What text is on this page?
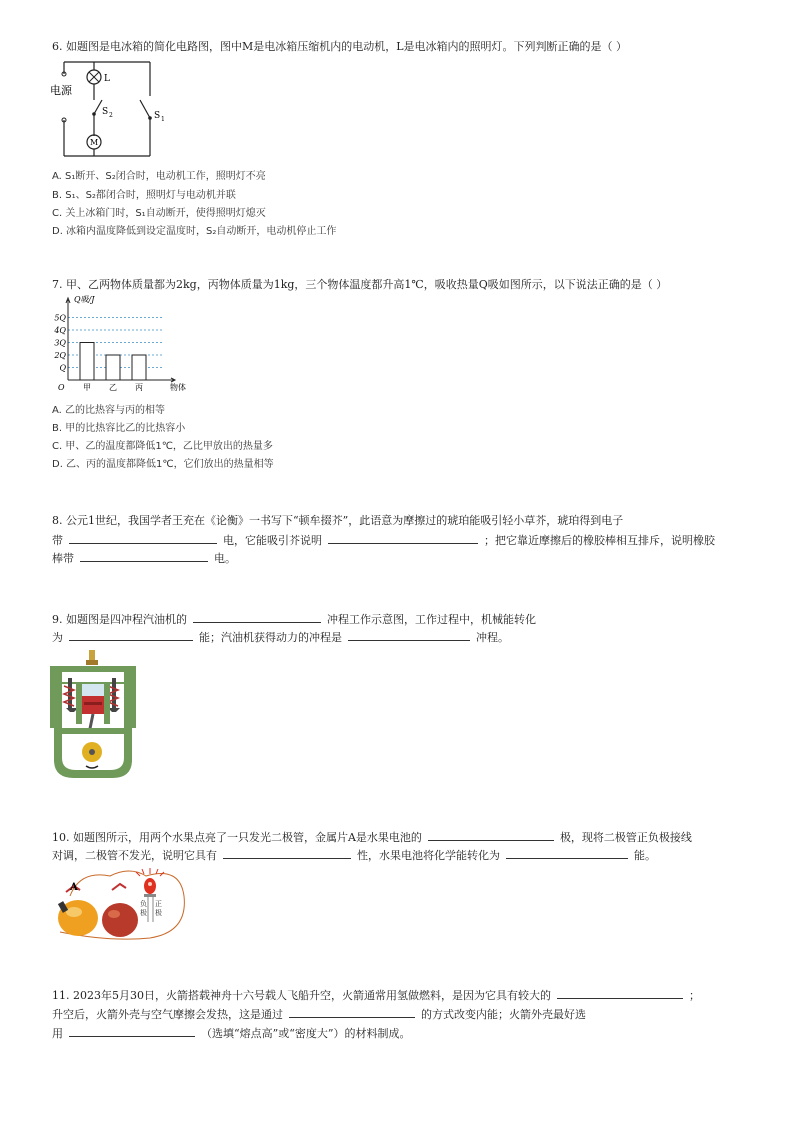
6. 如题图是电冰箱的简化电路图，图中M是电冰箱压缩机内的电动机，L是电冰箱内的照明灯。下列判断正确的是（ ）
S 1
L
S 2
M
电源
A. S₁断开、S₂闭合时，电动机工作，照明灯不亮
B. S₁、S₂都闭合时，照明灯与电动机并联
C. 关上冰箱门时，S₁自动断开，使得照明灯熄灭
D. 冰箱内温度降低到设定温度时，S₂自动断开，电动机停止工作
7. 甲、乙两物体质量都为2kg，丙物体质量为1kg，三个物体温度都升高1℃，吸收热量Q吸如图所示，以下说法正确的是（ ）
Q
2Q
3Q
4Q
5Q
Q吸/J
O	物体
甲 乙 丙
A. 乙的比热容与丙的相等
B. 甲的比热容比乙的比热容小
C. 甲、乙的温度都降低1℃，乙比甲放出的热量多
D. 乙、丙的温度都降低1℃，它们放出的热量相等
8. 公元1世纪，我国学者王充在《论衡》一书写下“顿牟掇芥”，此语意为摩擦过的琥珀能吸引轻小草芥，琥珀得到电子
带	电，它能吸引芥说明	；把它靠近摩擦后的橡胶棒相互排斥，说明橡胶
棒带	电。
9. 如题图是四冲程汽油机的	冲程工作示意图，工作过程中，机械能转化
为	能；汽油机获得动力的冲程是	冲程。
10. 如题图所示，用两个水果点亮了一只发光二极管，金属片A是水果电池的	极，现将二极管正负极接线
对调，二极管不发光，说明它具有	性，水果电池将化学能转化为	能。
A
负
极
正
极
11. 2023年5月30日，火箭搭载神舟十六号载人飞船升空，火箭通常用氢做燃料，是因为它具有较大的	；
升空后，火箭外壳与空气摩擦会发热，这是通过	的方式改变内能；火箭外壳最好选
用	（选填“熔点高”或“密度大”）的材料制成。
